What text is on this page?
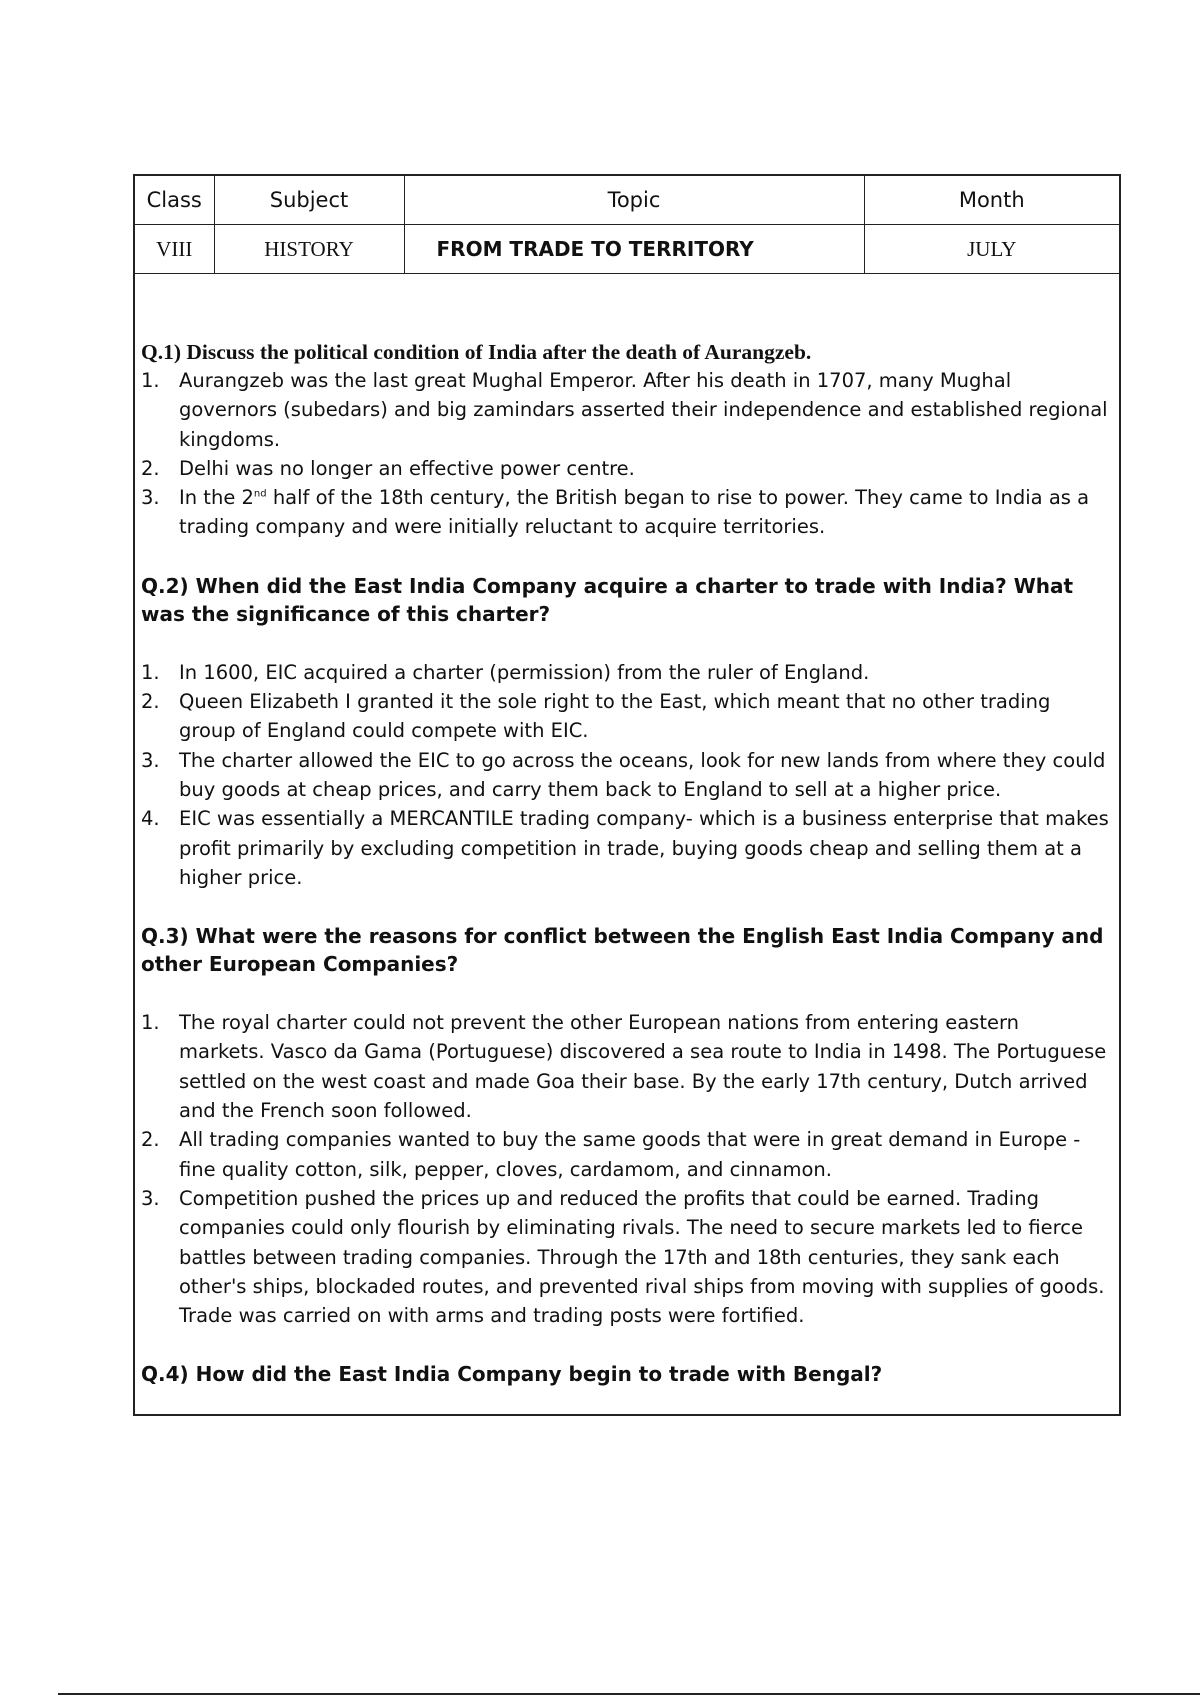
Class	Subject	Topic	Month
VIII	HISTORY	FROM TRADE TO TERRITORY	JULY

Q.1) Discuss the political condition of India after the death of Aurangzeb.

1. Aurangzeb was the last great Mughal Emperor. After his death in 1707, many Mughal governors (subedars) and big zamindars asserted their independence and established regional kingdoms.
2. Delhi was no longer an effective power centre.
3. In the 2nd half of the 18th century, the British began to rise to power. They came to India as a trading company and were initially reluctant to acquire territories.

Q.2) When did the East India Company acquire a charter to trade with India? What was the significance of this charter?

1. In 1600, EIC acquired a charter (permission) from the ruler of England.
2. Queen Elizabeth I granted it the sole right to the East, which meant that no other trading group of England could compete with EIC.
3. The charter allowed the EIC to go across the oceans, look for new lands from where they could buy goods at cheap prices, and carry them back to England to sell at a higher price.
4. EIC was essentially a MERCANTILE trading company- which is a business enterprise that makes profit primarily by excluding competition in trade, buying goods cheap and selling them at a higher price.

Q.3) What were the reasons for conflict between the English East India Company and other European Companies?

1. The royal charter could not prevent the other European nations from entering eastern markets. Vasco da Gama (Portuguese) discovered a sea route to India in 1498. The Portuguese settled on the west coast and made Goa their base. By the early 17th century, Dutch arrived and the French soon followed.
2. All trading companies wanted to buy the same goods that were in great demand in Europe - fine quality cotton, silk, pepper, cloves, cardamom, and cinnamon.
3. Competition pushed the prices up and reduced the profits that could be earned. Trading companies could only flourish by eliminating rivals. The need to secure markets led to fierce battles between trading companies. Through the 17th and 18th centuries, they sank each other's ships, blockaded routes, and prevented rival ships from moving with supplies of goods. Trade was carried on with arms and trading posts were fortified.

Q.4) How did the East India Company begin to trade with Bengal?
